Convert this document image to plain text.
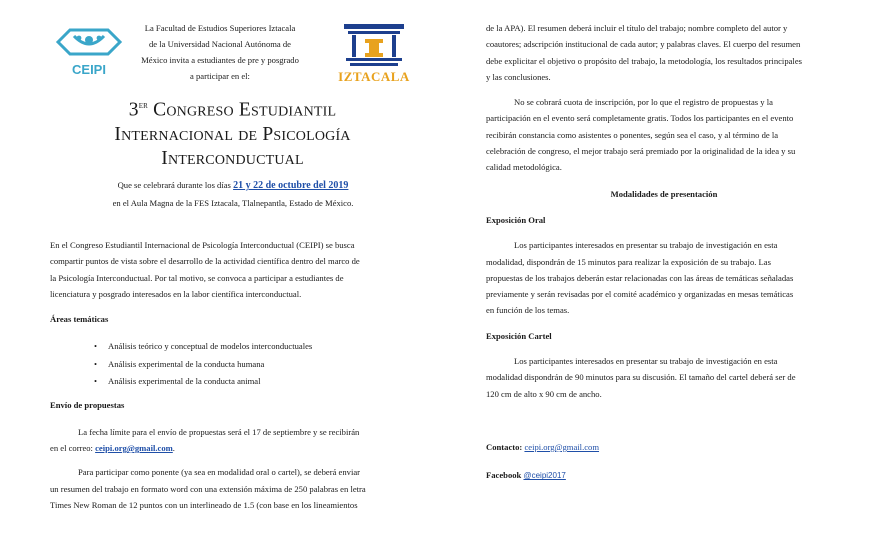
CEIPI	IZTACALA
La Facultad de Estudios Superiores Iztacala
de la Universidad Nacional Autónoma de
México invita a estudiantes de pre y posgrado
a participar en el:
3er Congreso Estudiantil
Internacional de Psicología
Interconductual
Que se celebrará durante los días 21 y 22 de octubre del 2019
en el Aula Magna de la FES Iztacala, Tlalnepantla, Estado de México.

En el Congreso Estudiantil Internacional de Psicología Interconductual (CEIPI) se busca
compartir puntos de vista sobre el desarrollo de la actividad científica dentro del marco de
la Psicología Interconductual. Por tal motivo, se convoca a participar a estudiantes de
licenciatura y posgrado interesados en la labor científica interconductual.

Áreas temáticas

• Análisis teórico y conceptual de modelos interconductuales
• Análisis experimental de la conducta humana
• Análisis experimental de la conducta animal

Envío de propuestas

La fecha límite para el envío de propuestas será el 17 de septiembre y se recibirán

en el correo: ceipi.org@gmail.com.

Para participar como ponente (ya sea en modalidad oral o cartel), se deberá enviar
un resumen del trabajo en formato word con una extensión máxima de 250 palabras en letra
Times New Roman de 12 puntos con un interlineado de 1.5 (con base en los lineamientos

de la APA). El resumen deberá incluir el título del trabajo; nombre completo del autor y
coautores; adscripción institucional de cada autor; y palabras claves. El cuerpo del resumen
debe explicitar el objetivo o propósito del trabajo, la metodología, los resultados principales
y las conclusiones.

No se cobrará cuota de inscripción, por lo que el registro de propuestas y la
participación en el evento será completamente gratis. Todos los participantes en el evento
recibirán constancia como asistentes o ponentes, según sea el caso, y al término de la
celebración de congreso, el mejor trabajo será premiado por la originalidad de la idea y su
calidad metodológica.

Modalidades de presentación

Exposición Oral

Los participantes interesados en presentar su trabajo de investigación en esta
modalidad, dispondrán de 15 minutos para realizar la exposición de su trabajo. Las
propuestas de los trabajos deberán estar relacionadas con las áreas de temáticas señaladas
previamente y serán revisadas por el comité académico y organizadas en mesas temáticas
en función de los temas.

Exposición Cartel

Los participantes interesados en presentar su trabajo de investigación en esta
modalidad dispondrán de 90 minutos para su discusión. El tamaño del cartel deberá ser de
120 cm de alto x 90 cm de ancho.

Contacto: ceipi.org@gmail.com

Facebook @ceipi2017
